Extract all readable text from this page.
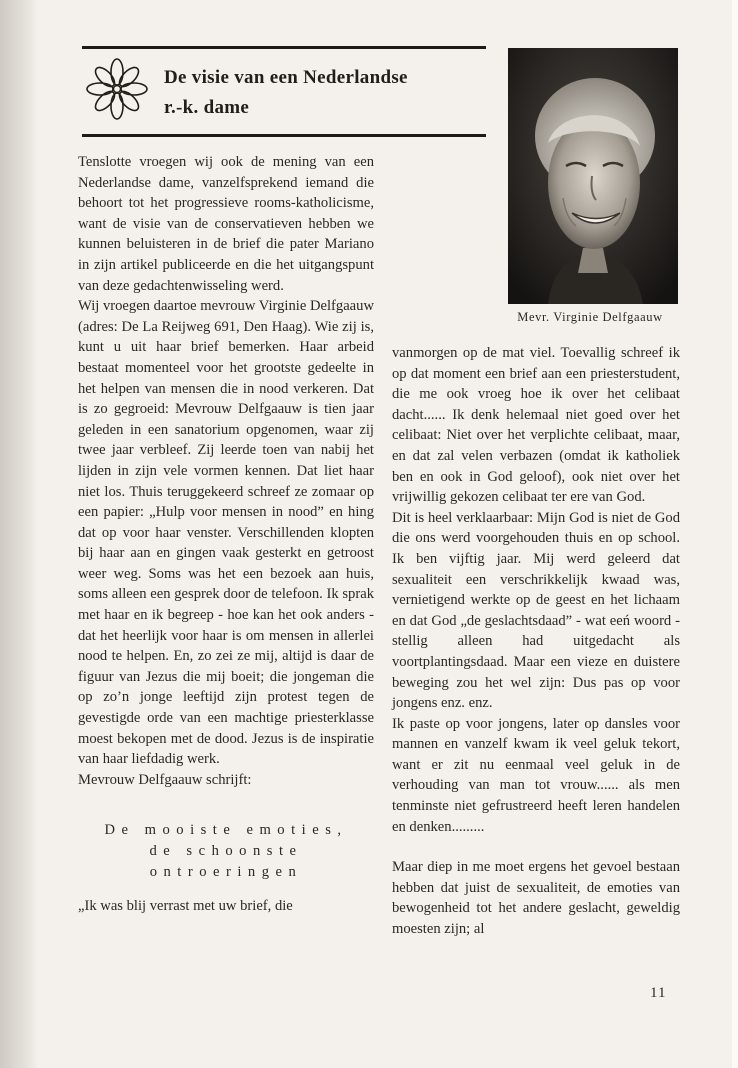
De visie van een Nederlandse
r.-k. dame
Mevr. Virginie Delfgaauw

Tenslotte vroegen wij ook de mening van een Nederlandse dame, vanzelfsprekend iemand die behoort tot het progressieve rooms-katholicisme, want de visie van de conservatieven hebben we kunnen beluisteren in de brief die pater Mariano in zijn artikel publiceerde en die het uitgangspunt van deze gedachtenwisseling werd.

Wij vroegen daartoe mevrouw Virginie Delfgaauw (adres: De La Reijweg 691, Den Haag). Wie zij is, kunt u uit haar brief bemerken. Haar arbeid bestaat momenteel voor het grootste gedeelte in het helpen van mensen die in nood verkeren. Dat is zo gegroeid: Mevrouw Delfgaauw is tien jaar geleden in een sanatorium opgenomen, waar zij twee jaar verbleef. Zij leerde toen van nabij het lijden in zijn vele vormen kennen. Dat liet haar niet los. Thuis teruggekeerd schreef ze zomaar op een papier: „Hulp voor mensen in nood” en hing dat op voor haar venster. Verschillenden klopten bij haar aan en gingen vaak gesterkt en getroost weer weg. Soms was het een bezoek aan huis, soms alleen een gesprek door de telefoon. Ik sprak met haar en ik begreep - hoe kan het ook anders - dat het heerlijk voor haar is om mensen in allerlei nood te helpen. En, zo zei ze mij, altijd is daar de figuur van Jezus die mij boeit; die jongeman die op zo’n jonge leeftijd zijn protest tegen de gevestigde orde van een machtige priesterklasse moest bekopen met de dood. Jezus is de inspiratie van haar liefdadig werk.

Mevrouw Delfgaauw schrijft:

De mooiste emoties,
de schoonste ontroeringen

„Ik was blij verrast met uw brief, die

vanmorgen op de mat viel. Toevallig schreef ik op dat moment een brief aan een priesterstudent, die me ook vroeg hoe ik over het celibaat dacht...... Ik denk helemaal niet goed over het celibaat: Niet over het verplichte celibaat, maar, en dat zal velen verbazen (omdat ik katholiek ben en ook in God geloof), ook niet over het vrijwillig gekozen celibaat ter ere van God.

Dit is heel verklaarbaar: Mijn God is niet de God die ons werd voorgehouden thuis en op school. Ik ben vijftig jaar. Mij werd geleerd dat sexualiteit een verschrikkelijk kwaad was, vernietigend werkte op de geest en het lichaam en dat God „de geslachtsdaad” - wat eeń woord - stellig alleen had uitgedacht als voortplantingsdaad. Maar een vieze en duistere beweging zou het wel zijn: Dus pas op voor jongens enz. enz.

Ik paste op voor jongens, later op dansles voor mannen en vanzelf kwam ik veel geluk tekort, want er zit nu eenmaal veel geluk in de verhouding van man tot vrouw...... als men tenminste niet gefrustreerd heeft leren handelen en denken.........

Maar diep in me moet ergens het gevoel bestaan hebben dat juist de sexualiteit, de emoties van bewogenheid tot het andere geslacht, geweldig moesten zijn; al

11
